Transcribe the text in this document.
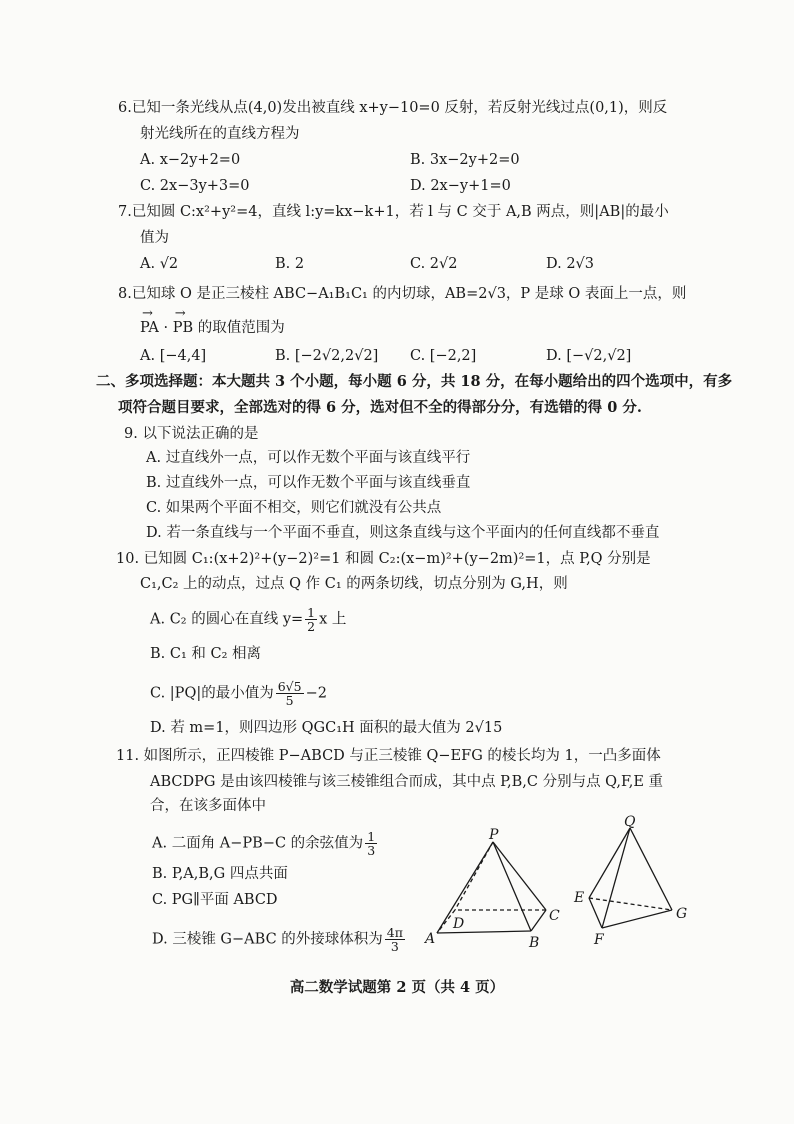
6.已知一条光线从点(4,0)发出被直线 x+y−10=0 反射，若反射光线过点(0,1)，则反
射光线所在的直线方程为
A. x−2y+2=0	B. 3x−2y+2=0
C. 2x−3y+3=0	D. 2x−y+1=0
7.已知圆 C:x²+y²=4，直线 l:y=kx−k+1，若 l 与 C 交于 A,B 两点，则|AB|的最小
值为
A. √2	B. 2	C. 2√2	D. 2√3
8.已知球 O 是正三棱柱 ABC−A₁B₁C₁ 的内切球，AB=2√3，P 是球 O 表面上一点，则
→ PA · → PB 的取值范围为
A. [−4,4]	B. [−2√2,2√2] C. [−2,2]	D. [−√2,√2]
二、多项选择题：本大题共 3 个小题，每小题 6 分，共 18 分，在每小题给出的四个选项中，有多
项符合题目要求，全部选对的得 6 分，选对但不全的得部分分，有选错的得 0 分.
9. 以下说法正确的是
A. 过直线外一点，可以作无数个平面与该直线平行
B. 过直线外一点，可以作无数个平面与该直线垂直
C. 如果两个平面不相交，则它们就没有公共点
D. 若一条直线与一个平面不垂直，则这条直线与这个平面内的任何直线都不垂直
10. 已知圆 C₁:(x+2)²+(y−2)²=1 和圆 C₂:(x−m)²+(y−2m)²=1，点 P,Q 分别是
C₁,C₂ 上的动点，过点 Q 作 C₁ 的两条切线，切点分别为 G,H，则
A. C₂ 的圆心在直线 $y= \frac{1}{2}$ x 上
B. C₁ 和 C₂ 相离
C. |PQ|的最小值为 $\frac{6√5}{5} -2$
D. 若 m=1，则四边形 QGC₁H 面积的最大值为 2√15
11. 如图所示，正四棱锥 P−ABCD 与正三棱锥 Q−EFG 的棱长均为 1，一凸多面体
ABCDPG 是由该四棱锥与该三棱锥组合而成，其中点 P,B,C 分别与点 Q,F,E 重
合，在该多面体中
A. 二面角 A−PB−C 的余弦值为 $\frac{1}{3}$
B. P,A,B,G 四点共面
C. PG∥平面 ABCD
D. 三棱锥 G−ABC 的外接球体积为 $\frac{4\pi}{3}$
P
A	B
C
D
Q
E
F
G
高二数学试题第 2 页（共 4 页）
